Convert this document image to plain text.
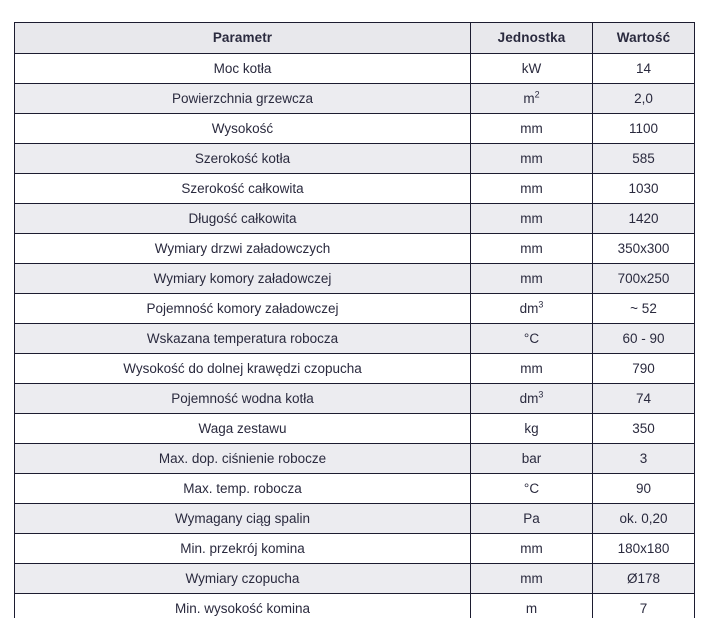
Parametr	Jednostka	Wartość
Moc kotła	kW	14
Powierzchnia grzewcza	$m^2$	2,0
Wysokość	mm	1100
Szerokość kotła	mm	585
Szerokość całkowita	mm	1030
Długość całkowita	mm	1420
Wymiary drzwi załadowczych	mm	350x300
Wymiary komory załadowczej	mm	700x250
Pojemność komory załadowczej	$dm^3$	~ 52
Wskazana temperatura robocza	°C	60 - 90
Wysokość do dolnej krawędzi czopucha	mm	790
Pojemność wodna kotła	$dm^3$	74
Waga zestawu	kg	350
Max. dop. ciśnienie robocze	bar	3
Max. temp. robocza	°C	90
Wymagany ciąg spalin	Pa	ok. 0,20
Min. przekrój komina	mm	180x180
Wymiary czopucha	mm	Ø178
Min. wysokość komina	m	7
